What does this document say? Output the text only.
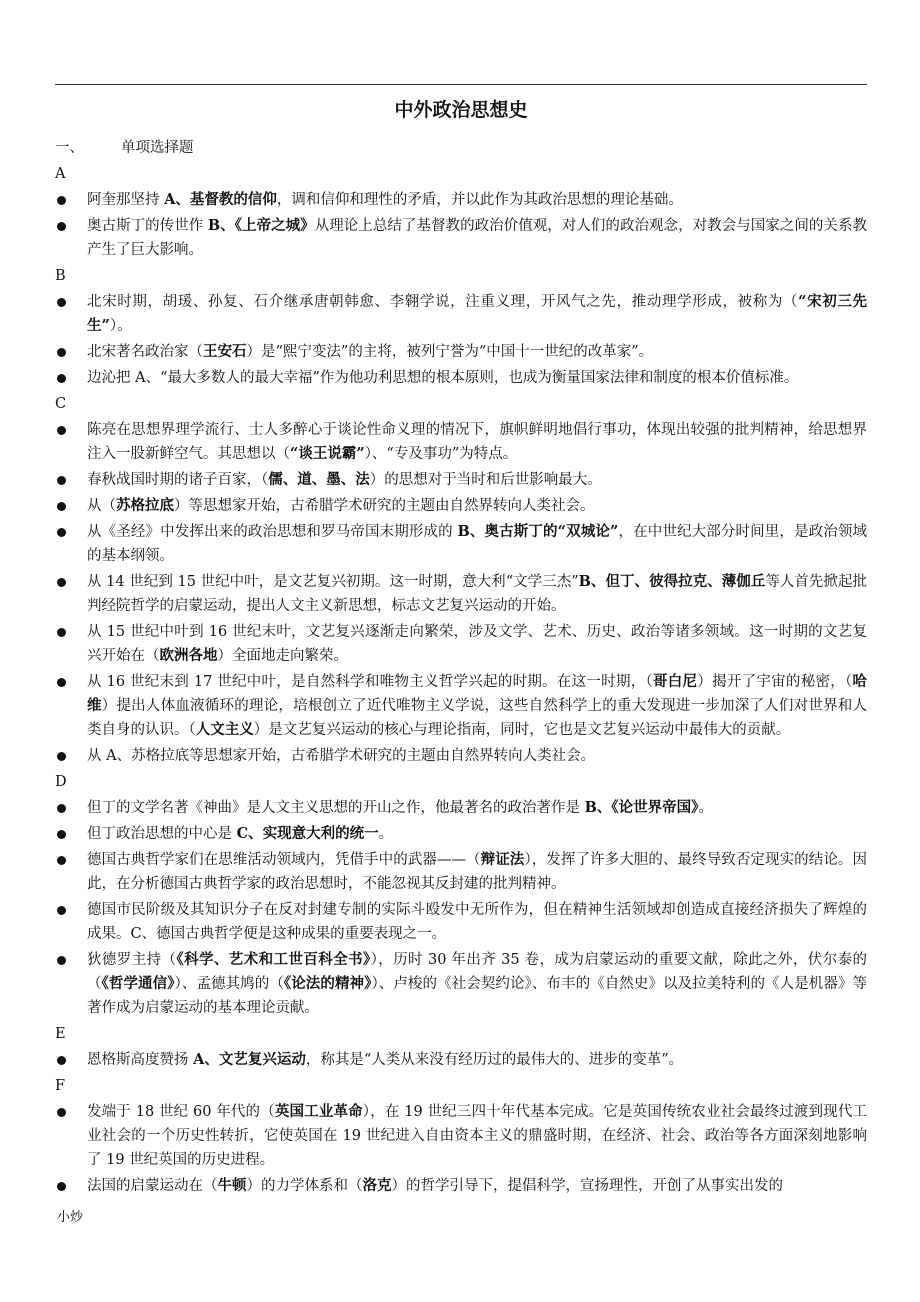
中外政治思想史
一、	单项选择题
A
阿奎那坚持 A、基督教的信仰，调和信仰和理性的矛盾，并以此作为其政治思想的理论基础。
奥古斯丁的传世作 B、《上帝之城》从理论上总结了基督教的政治价值观，对人们的政治观念，对教会与国家之间的关系教产生了巨大影响。
B
北宋时期，胡瑗、孙复、石介继承唐朝韩愈、李翱学说，注重义理，开风气之先，推动理学形成，被称为（“宋初三先生”）。
北宋著名政治家（王安石）是“熙宁变法”的主将，被列宁誉为“中国十一世纪的改革家”。
边沁把 A、“最大多数人的最大幸福”作为他功利思想的根本原则，也成为衡量国家法律和制度的根本价值标准。
C
陈亮在思想界理学流行、士人多醉心于谈论性命义理的情况下，旗帜鲜明地倡行事功，体现出较强的批判精神，给思想界注入一股新鲜空气。其思想以（“谈王说霸”）、“专及事功”为特点。
春秋战国时期的诸子百家，（儒、道、墨、法）的思想对于当时和后世影响最大。
从（苏格拉底）等思想家开始，古希腊学术研究的主题由自然界转向人类社会。
从《圣经》中发挥出来的政治思想和罗马帝国末期形成的 B、奥古斯丁的“双城论”，在中世纪大部分时间里，是政治领域的基本纲领。
从 14 世纪到 15 世纪中叶，是文艺复兴初期。这一时期，意大利“文学三杰”B、但丁、彼得拉克、薄伽丘等人首先掀起批判经院哲学的启蒙运动，提出人文主义新思想，标志文艺复兴运动的开始。
从 15 世纪中叶到 16 世纪末叶，文艺复兴逐渐走向繁荣，涉及文学、艺术、历史、政治等诸多领域。这一时期的文艺复兴开始在（欧洲各地）全面地走向繁荣。
从 16 世纪末到 17 世纪中叶，是自然科学和唯物主义哲学兴起的时期。在这一时期，（哥白尼）揭开了宇宙的秘密，（哈维）提出人体血液循环的理论，培根创立了近代唯物主义学说，这些自然科学上的重大发现进一步加深了人们对世界和人类自身的认识。（人文主义）是文艺复兴运动的核心与理论指南，同时，它也是文艺复兴运动中最伟大的贡献。
从 A、苏格拉底等思想家开始，古希腊学术研究的主题由自然界转向人类社会。
D
但丁的文学名著《神曲》是人文主义思想的开山之作，他最著名的政治著作是 B、《论世界帝国》。
但丁政治思想的中心是 C、实现意大利的统一。
德国古典哲学家们在思维活动领域内，凭借手中的武器——（辩证法），发挥了许多大胆的、最终导致否定现实的结论。因此，在分析德国古典哲学家的政治思想时，不能忽视其反封建的批判精神。
德国市民阶级及其知识分子在反对封建专制的实际斗殴发中无所作为，但在精神生活领域却创造成直接经济损失了辉煌的成果。C、德国古典哲学便是这种成果的重要表现之一。
狄德罗主持（《科学、艺术和工世百科全书》），历时 30 年出齐 35 卷，成为启蒙运动的重要文献，除此之外，伏尔泰的（《哲学通信》）、孟德其鸠的（《论法的精神》）、卢梭的《社会契约论》、布丰的《自然史》以及拉美特利的《人是机器》等著作成为启蒙运动的基本理论贡献。
E
恩格斯高度赞扬 A、文艺复兴运动，称其是“人类从来没有经历过的最伟大的、进步的变革”。
F
发端于 18 世纪 60 年代的（英国工业革命），在 19 世纪三四十年代基本完成。它是英国传统农业社会最终过渡到现代工业社会的一个历史性转折，它使英国在 19 世纪进入自由资本主义的鼎盛时期，在经济、社会、政治等各方面深刻地影响了 19 世纪英国的历史进程。
法国的启蒙运动在（牛顿）的力学体系和（洛克）的哲学引导下，提倡科学，宣扬理性，开创了从事实出发的
小炒
